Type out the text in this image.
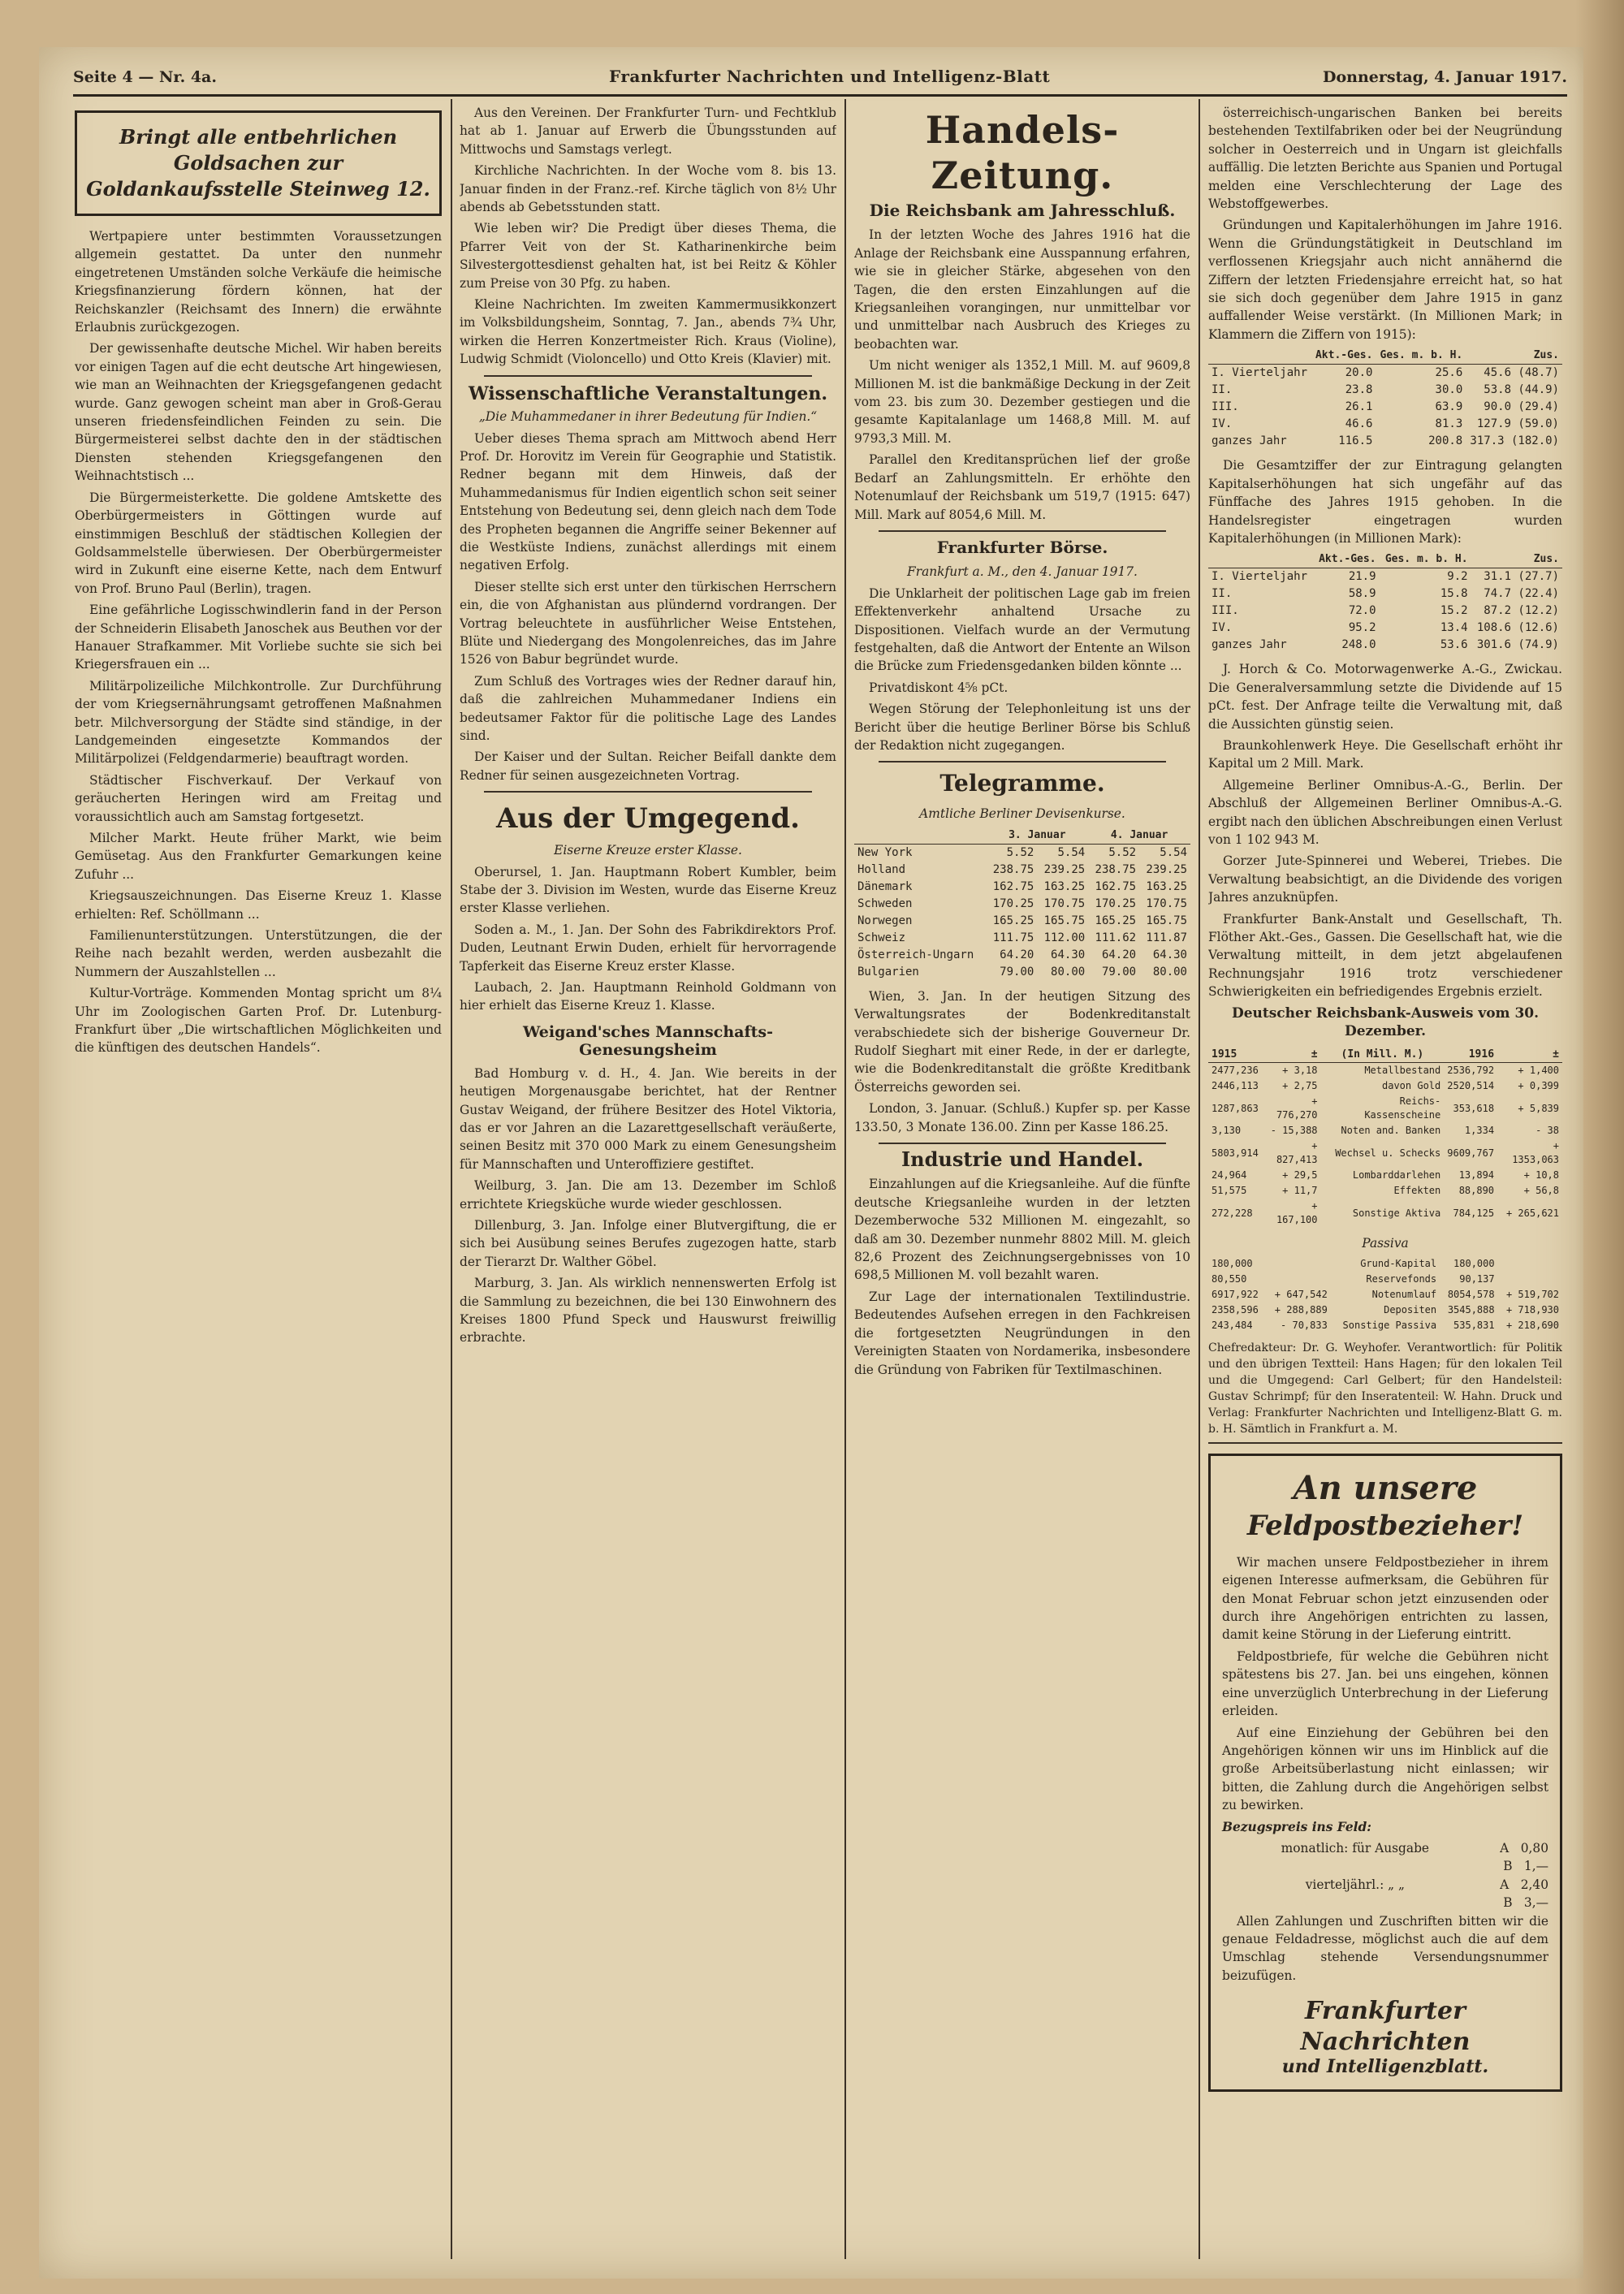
Seite 4 — Nr. 4a.	Frankfurter Nachrichten und Intelligenz-Blatt	Donnerstag, 4. Januar 1917.
Bringt alle entbehrlichen Goldsachen zur Goldankaufsstelle Steinweg 12.

Wertpapiere unter bestimmten Voraussetzungen allgemein gestattet. Da unter den nunmehr eingetretenen Umständen solche Verkäufe die heimische Kriegsfinanzierung fördern können, hat der Reichskanzler (Reichsamt des Innern) die erwähnte Erlaubnis zurückgezogen.

Der gewissenhafte deutsche Michel. Wir haben bereits vor einigen Tagen auf die echt deutsche Art hingewiesen, wie man an Weihnachten der Kriegsgefangenen gedacht wurde. Ganz gewogen scheint man aber in Groß-Gerau unseren friedensfeindlichen Feinden zu sein. Die Bürgermeisterei selbst dachte den in der städtischen Diensten stehenden Kriegsgefangenen den Weihnachtstisch ...

Die Bürgermeisterkette. Die goldene Amtskette des Oberbürgermeisters in Göttingen wurde auf einstimmigen Beschluß der städtischen Kollegien der Goldsammelstelle überwiesen. Der Oberbürgermeister wird in Zukunft eine eiserne Kette, nach dem Entwurf von Prof. Bruno Paul (Berlin), tragen.

Eine gefährliche Logisschwindlerin fand in der Person der Schneiderin Elisabeth Janoschek aus Beuthen vor der Hanauer Strafkammer. Mit Vorliebe suchte sie sich bei Kriegersfrauen ein ...

Militärpolizeiliche Milchkontrolle. Zur Durchführung der vom Kriegsernährungsamt getroffenen Maßnahmen betr. Milchversorgung der Städte sind ständige, in der Landgemeinden eingesetzte Kommandos der Militärpolizei (Feldgendarmerie) beauftragt worden.

Städtischer Fischverkauf. Der Verkauf von geräucherten Heringen wird am Freitag und voraussichtlich auch am Samstag fortgesetzt.

Milcher Markt. Heute früher Markt, wie beim Gemüsetag. Aus den Frankfurter Gemarkungen keine Zufuhr ...

Kriegsauszeichnungen. Das Eiserne Kreuz 1. Klasse erhielten: Ref. Schöllmann ...

Familienunterstützungen. Unterstützungen, die der Reihe nach bezahlt werden, werden ausbezahlt die Nummern der Auszahlstellen ...

Kultur-Vorträge. Kommenden Montag spricht um 8¼ Uhr im Zoologischen Garten Prof. Dr. Lutenburg-Frankfurt über „Die wirtschaftlichen Möglichkeiten und die künftigen des deutschen Handels“.

Aus den Vereinen. Der Frankfurter Turn- und Fechtklub hat ab 1. Januar auf Erwerb die Übungsstunden auf Mittwochs und Samstags verlegt.

Kirchliche Nachrichten. In der Woche vom 8. bis 13. Januar finden in der Franz.-ref. Kirche täglich von 8½ Uhr abends ab Gebetsstunden statt.

Wie leben wir? Die Predigt über dieses Thema, die Pfarrer Veit von der St. Katharinenkirche beim Silvestergottesdienst gehalten hat, ist bei Reitz & Köhler zum Preise von 30 Pfg. zu haben.

Kleine Nachrichten. Im zweiten Kammermusikkonzert im Volksbildungsheim, Sonntag, 7. Jan., abends 7¾ Uhr, wirken die Herren Konzertmeister Rich. Kraus (Violine), Ludwig Schmidt (Violoncello) und Otto Kreis (Klavier) mit.

Wissenschaftliche Veranstaltungen.

„Die Muhammedaner in ihrer Bedeutung für Indien.“

Ueber dieses Thema sprach am Mittwoch abend Herr Prof. Dr. Horovitz im Verein für Geographie und Statistik. Redner begann mit dem Hinweis, daß der Muhammedanismus für Indien eigentlich schon seit seiner Entstehung von Bedeutung sei, denn gleich nach dem Tode des Propheten begannen die Angriffe seiner Bekenner auf die Westküste Indiens, zunächst allerdings mit einem negativen Erfolg.

Dieser stellte sich erst unter den türkischen Herrschern ein, die von Afghanistan aus plündernd vordrangen. Der Vortrag beleuchtete in ausführlicher Weise Entstehen, Blüte und Niedergang des Mongolenreiches, das im Jahre 1526 von Babur begründet wurde.

Zum Schluß des Vortrages wies der Redner darauf hin, daß die zahlreichen Muhammedaner Indiens ein bedeutsamer Faktor für die politische Lage des Landes sind.

Der Kaiser und der Sultan. Reicher Beifall dankte dem Redner für seinen ausgezeichneten Vortrag.

Aus der Umgegend.

Eiserne Kreuze erster Klasse.

Oberursel, 1. Jan. Hauptmann Robert Kumbler, beim Stabe der 3. Division im Westen, wurde das Eiserne Kreuz erster Klasse verliehen.

Soden a. M., 1. Jan. Der Sohn des Fabrikdirektors Prof. Duden, Leutnant Erwin Duden, erhielt für hervorragende Tapferkeit das Eiserne Kreuz erster Klasse.

Laubach, 2. Jan. Hauptmann Reinhold Goldmann von hier erhielt das Eiserne Kreuz 1. Klasse.

Weigand'sches Mannschafts-Genesungsheim

Bad Homburg v. d. H., 4. Jan. Wie bereits in der heutigen Morgenausgabe berichtet, hat der Rentner Gustav Weigand, der frühere Besitzer des Hotel Viktoria, das er vor Jahren an die Lazarettgesellschaft veräußerte, seinen Besitz mit 370 000 Mark zu einem Genesungsheim für Mannschaften und Unteroffiziere gestiftet.

Weilburg, 3. Jan. Die am 13. Dezember im Schloß errichtete Kriegsküche wurde wieder geschlossen.

Dillenburg, 3. Jan. Infolge einer Blutvergiftung, die er sich bei Ausübung seines Berufes zugezogen hatte, starb der Tierarzt Dr. Walther Göbel.

Marburg, 3. Jan. Als wirklich nennenswerten Erfolg ist die Sammlung zu bezeichnen, die bei 130 Einwohnern des Kreises 1800 Pfund Speck und Hauswurst freiwillig erbrachte.

Handels-Zeitung.
Die Reichsbank am Jahresschluß.

In der letzten Woche des Jahres 1916 hat die Anlage der Reichsbank eine Ausspannung erfahren, wie sie in gleicher Stärke, abgesehen von den Tagen, die den ersten Einzahlungen auf die Kriegsanleihen vorangingen, nur unmittelbar vor und unmittelbar nach Ausbruch des Krieges zu beobachten war.

Um nicht weniger als 1352,1 Mill. M. auf 9609,8 Millionen M. ist die bankmäßige Deckung in der Zeit vom 23. bis zum 30. Dezember gestiegen und die gesamte Kapitalanlage um 1468,8 Mill. M. auf 9793,3 Mill. M.

Parallel den Kreditansprüchen lief der große Bedarf an Zahlungsmitteln. Er erhöhte den Notenumlauf der Reichsbank um 519,7 (1915: 647) Mill. Mark auf 8054,6 Mill. M.

Frankfurter Börse.

Frankfurt a. M., den 4. Januar 1917.

Die Unklarheit der politischen Lage gab im freien Effektenverkehr anhaltend Ursache zu Dispositionen. Vielfach wurde an der Vermutung festgehalten, daß die Antwort der Entente an Wilson die Brücke zum Friedensgedanken bilden könnte ...

Privatdiskont 4⅝ pCt.

Wegen Störung der Telephonleitung ist uns der Bericht über die heutige Berliner Börse bis Schluß der Redaktion nicht zugegangen.

Telegramme.

Amtliche Berliner Devisenkurse.

	3. Januar		4. Januar	
New York	5.52	5.54	5.52	5.54
Holland	238.75	239.25	238.75	239.25
Dänemark	162.75	163.25	162.75	163.25
Schweden	170.25	170.75	170.25	170.75
Norwegen	165.25	165.75	165.25	165.75
Schweiz	111.75	112.00	111.62	111.87
Österreich-Ungarn	64.20	64.30	64.20	64.30
Bulgarien	79.00	80.00	79.00	80.00

Wien, 3. Jan. In der heutigen Sitzung des Verwaltungsrates der Bodenkreditanstalt verabschiedete sich der bisherige Gouverneur Dr. Rudolf Sieghart mit einer Rede, in der er darlegte, wie die Bodenkreditanstalt die größte Kreditbank Österreichs geworden sei.

London, 3. Januar. (Schluß.) Kupfer sp. per Kasse 133.50, 3 Monate 136.00. Zinn per Kasse 186.25.

Industrie und Handel.

Einzahlungen auf die Kriegsanleihe. Auf die fünfte deutsche Kriegsanleihe wurden in der letzten Dezemberwoche 532 Millionen M. eingezahlt, so daß am 30. Dezember nunmehr 8802 Mill. M. gleich 82,6 Prozent des Zeichnungsergebnisses von 10 698,5 Millionen M. voll bezahlt waren.

Zur Lage der internationalen Textilindustrie. Bedeutendes Aufsehen erregen in den Fachkreisen die fortgesetzten Neugründungen in den Vereinigten Staaten von Nordamerika, insbesondere die Gründung von Fabriken für Textilmaschinen.

österreichisch-ungarischen Banken bei bereits bestehenden Textilfabriken oder bei der Neugründung solcher in Oesterreich und in Ungarn ist gleichfalls auffällig. Die letzten Berichte aus Spanien und Portugal melden eine Verschlechterung der Lage des Webstoffgewerbes.

Gründungen und Kapitalerhöhungen im Jahre 1916. Wenn die Gründungstätigkeit in Deutschland im verflossenen Kriegsjahr auch nicht annähernd die Ziffern der letzten Friedensjahre erreicht hat, so hat sie sich doch gegenüber dem Jahre 1915 in ganz auffallender Weise verstärkt. (In Millionen Mark; in Klammern die Ziffern von 1915):

	Akt.-Ges.	Ges. m. b. H.	Zus.
I. Vierteljahr	20.0	25.6	45.6 (48.7)
II.	23.8	30.0	53.8 (44.9)
III.	26.1	63.9	90.0 (29.4)
IV.	46.6	81.3	127.9 (59.0)
ganzes Jahr	116.5	200.8	317.3 (182.0)

Die Gesamtziffer der zur Eintragung gelangten Kapitalserhöhungen hat sich ungefähr auf das Fünffache des Jahres 1915 gehoben. In die Handelsregister eingetragen wurden Kapitalerhöhungen (in Millionen Mark):

	Akt.-Ges.	Ges. m. b. H.	Zus.
I. Vierteljahr	21.9	9.2	31.1 (27.7)
II.	58.9	15.8	74.7 (22.4)
III.	72.0	15.2	87.2 (12.2)
IV.	95.2	13.4	108.6 (12.6)
ganzes Jahr	248.0	53.6	301.6 (74.9)

J. Horch & Co. Motorwagenwerke A.-G., Zwickau. Die Generalversammlung setzte die Dividende auf 15 pCt. fest. Der Anfrage teilte die Verwaltung mit, daß die Aussichten günstig seien.

Braunkohlenwerk Heye. Die Gesellschaft erhöht ihr Kapital um 2 Mill. Mark.

Allgemeine Berliner Omnibus-A.-G., Berlin. Der Abschluß der Allgemeinen Berliner Omnibus-A.-G. ergibt nach den üblichen Abschreibungen einen Verlust von 1 102 943 M.

Gorzer Jute-Spinnerei und Weberei, Triebes. Die Verwaltung beabsichtigt, an die Dividende des vorigen Jahres anzuknüpfen.

Frankfurter Bank-Anstalt und Gesellschaft, Th. Flöther Akt.-Ges., Gassen. Die Gesellschaft hat, wie die Verwaltung mitteilt, in dem jetzt abgelaufenen Rechnungsjahr 1916 trotz verschiedener Schwierigkeiten ein befriedigendes Ergebnis erzielt.

Deutscher Reichsbank-Ausweis vom 30. Dezember.
1915	±	(In Mill. M.)	1916	±
2477,236	+ 3,18	Metallbestand	2536,792	+ 1,400
2446,113	+ 2,75	davon Gold	2520,514	+ 0,399
1287,863	+ 776,270	Reichs-Kassenscheine	353,618	+ 5,839
3,130	- 15,388	Noten and. Banken	1,334	- 38
5803,914	+ 827,413	Wechsel u. Schecks	9609,767	+ 1353,063
24,964	+ 29,5	Lombarddarlehen	13,894	+ 10,8
51,575	+ 11,7	Effekten	88,890	+ 56,8
272,228	+ 167,100	Sonstige Aktiva	784,125	+ 265,621

Passiva

180,000		Grund-Kapital	180,000	
80,550		Reservefonds	90,137	
6917,922	+ 647,542	Notenumlauf	8054,578	+ 519,702
2358,596	+ 288,889	Depositen	3545,888	+ 718,930
243,484	- 70,833	Sonstige Passiva	535,831	+ 218,690

Chefredakteur: Dr. G. Weyhofer. Verantwortlich: für Politik und den übrigen Textteil: Hans Hagen; für den lokalen Teil und die Umgegend: Carl Gelbert; für den Handelsteil: Gustav Schrimpf; für den Inseratenteil: W. Hahn. Druck und Verlag: Frankfurter Nachrichten und Intelligenz-Blatt G. m. b. H. Sämtlich in Frankfurt a. M.

An unsere
Feldpostbezieher!

Wir machen unsere Feldpostbezieher in ihrem eigenen Interesse aufmerksam, die Gebühren für den Monat Februar schon jetzt einzusenden oder durch ihre Angehörigen entrichten zu lassen, damit keine Störung in der Lieferung eintritt.

Feldpostbriefe, für welche die Gebühren nicht spätestens bis 27. Jan. bei uns eingehen, können eine unverzüglich Unterbrechung in der Lieferung erleiden.

Auf eine Einziehung der Gebühren bei den Angehörigen können wir uns im Hinblick auf die große Arbeitsüberlastung nicht einlassen; wir bitten, die Zahlung durch die Angehörigen selbst zu bewirken.

Bezugspreis ins Feld:

monatlich: für Ausgabe	A 0,80
B 1,—
vierteljährl.: „ „	A 2,40
B 3,—

Allen Zahlungen und Zuschriften bitten wir die genaue Feldadresse, möglichst auch die auf dem Umschlag stehende Versendungsnummer beizufügen.

Frankfurter Nachrichten
und Intelligenzblatt.
